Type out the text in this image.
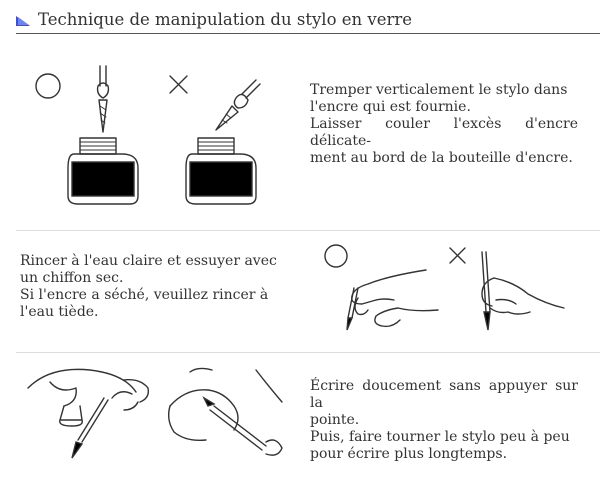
Technique de manipulation du stylo en verre
Tremper verticalement le stylo dans
l'encre qui est fournie.
Laisser couler l'excès d'encre délicate-
ment au bord de la bouteille d'encre.
Rincer à l'eau claire et essuyer avec
un chiffon sec.
Si l'encre a séché, veuillez rincer à
l'eau tiède.
Écrire doucement sans appuyer sur la
pointe.
Puis, faire tourner le stylo peu à peu
pour écrire plus longtemps.
